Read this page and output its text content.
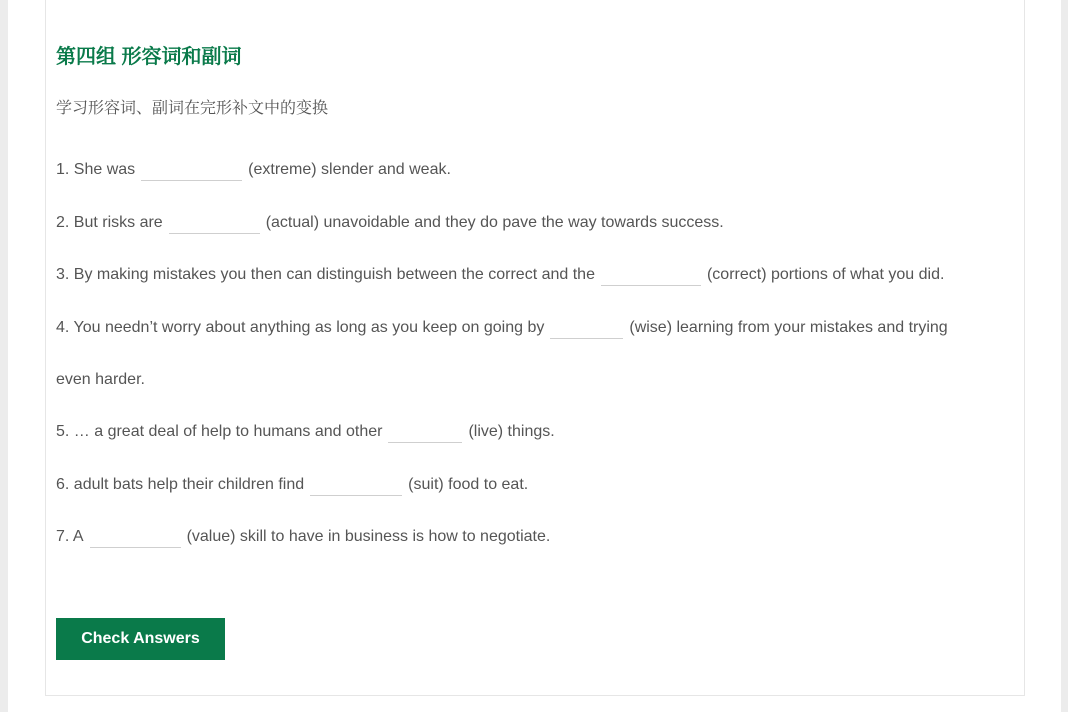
第四组 形容词和副词

学习形容词、副词在完形补文中的变换

1. She was	(extreme) slender and weak.
2. But risks are	(actual) unavoidable and they do pave the way towards success.
3. By making mistakes you then can distinguish between the correct and the	(correct) portions of what you did.
4. You needn’t worry about anything as long as you keep on going by	(wise) learning from your mistakes and trying
even harder.
5. … a great deal of help to humans and other	(live) things.
6. adult bats help their children find	(suit) food to eat.
7. A	(value) skill to have in business is how to negotiate.
Check Answers
